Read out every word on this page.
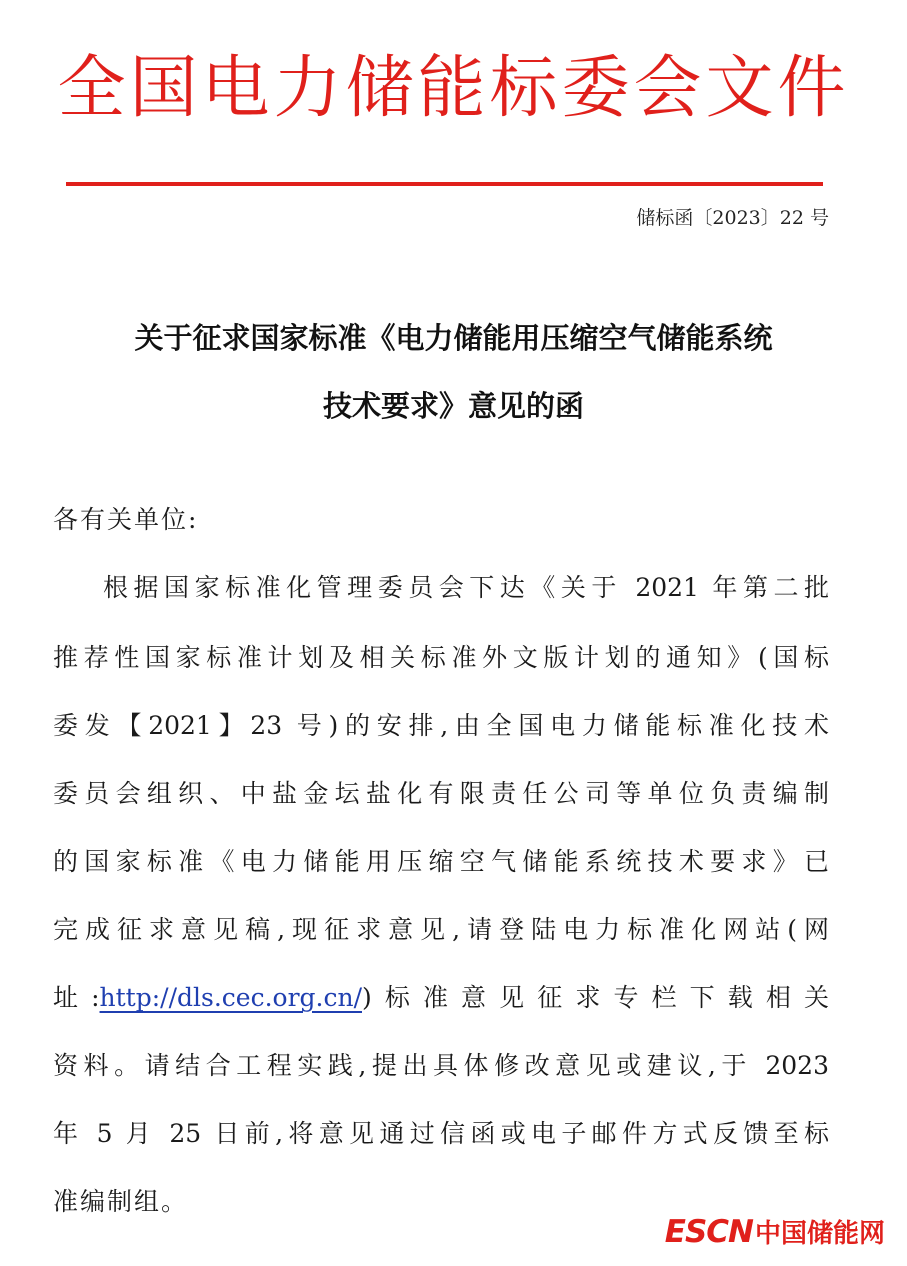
全国电力储能标委会文件
储标函〔2023〕22 号
关于征求国家标准《电力储能用压缩空气储能系统
技术要求》意见的函
各有关单位:
根据国家标准化管理委员会下达《关于 2021 年第二批
推荐性国家标准计划及相关标准外文版计划的通知》(国标
委发【2021】23 号)的安排,由全国电力储能标准化技术
委员会组织、中盐金坛盐化有限责任公司等单位负责编制
的国家标准《电力储能用压缩空气储能系统技术要求》已
完成征求意见稿,现征求意见,请登陆电力标准化网站(网
址:http://dls.cec.org.cn/)标准意见征求专栏下载相关
资料。请结合工程实践,提出具体修改意见或建议,于 2023
年 5 月 25 日前,将意见通过信函或电子邮件方式反馈至标
准编制组。
ESCN中国储能网
